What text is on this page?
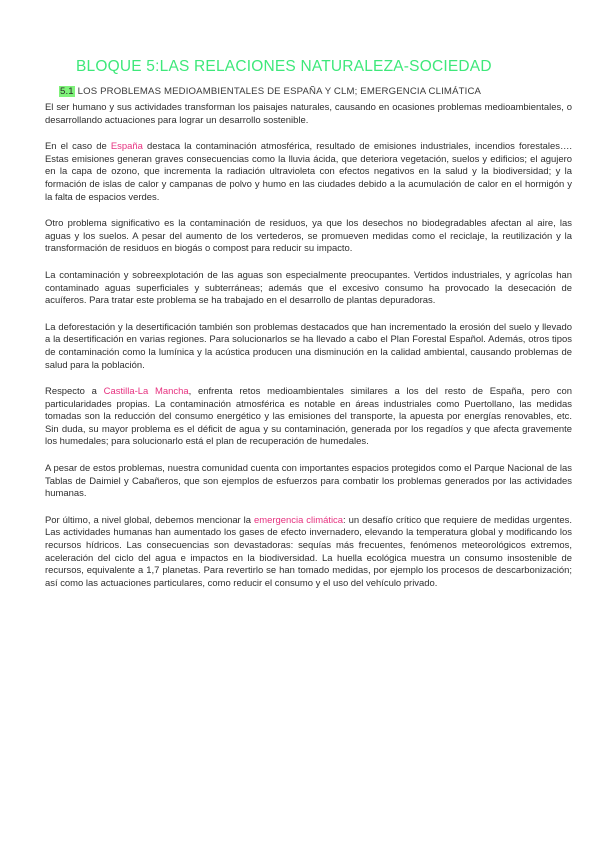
BLOQUE 5:LAS RELACIONES NATURALEZA-SOCIEDAD
5.1 LOS PROBLEMAS MEDIOAMBIENTALES DE ESPAÑA Y CLM; EMERGENCIA CLIMÁTICA

El ser humano y sus actividades transforman los paisajes naturales, causando en ocasiones problemas medioambientales, o desarrollando actuaciones para lograr un desarrollo sostenible.

En el caso de España destaca la contaminación atmosférica, resultado de emisiones industriales, incendios forestales…. Estas emisiones generan graves consecuencias como la lluvia ácida, que deteriora vegetación, suelos y edificios; el agujero en la capa de ozono, que incrementa la radiación ultravioleta con efectos negativos en la salud y la biodiversidad; y la formación de islas de calor y campanas de polvo y humo en las ciudades debido a la acumulación de calor en el hormigón y la falta de espacios verdes.

Otro problema significativo es la contaminación de residuos, ya que los desechos no biodegradables afectan al aire, las aguas y los suelos. A pesar del aumento de los vertederos, se promueven medidas como el reciclaje, la reutilización y la transformación de residuos en biogás o compost para reducir su impacto.

La contaminación y sobreexplotación de las aguas son especialmente preocupantes. Vertidos industriales, y agrícolas han contaminado aguas superficiales y subterráneas; además que el excesivo consumo ha provocado la desecación de acuíferos. Para tratar este problema se ha trabajado en el desarrollo de plantas depuradoras.

La deforestación y la desertificación también son problemas destacados que han incrementado la erosión del suelo y llevado a la desertificación en varias regiones. Para solucionarlos se ha llevado a cabo el Plan Forestal Español. Además, otros tipos de contaminación como la lumínica y la acústica producen una disminución en la calidad ambiental, causando problemas de salud para la población.

Respecto a Castilla-La Mancha, enfrenta retos medioambientales similares a los del resto de España, pero con particularidades propias. La contaminación atmosférica es notable en áreas industriales como Puertollano, las medidas tomadas son la reducción del consumo energético y las emisiones del transporte, la apuesta por energías renovables, etc. Sin duda, su mayor problema es el déficit de agua y su contaminación, generada por los regadíos y que afecta gravemente los humedales; para solucionarlo está el plan de recuperación de humedales.

A pesar de estos problemas, nuestra comunidad cuenta con importantes espacios protegidos como el Parque Nacional de las Tablas de Daimiel y Cabañeros, que son ejemplos de esfuerzos para combatir los problemas generados por las actividades humanas.

Por último, a nivel global, debemos mencionar la emergencia climática: un desafío crítico que requiere de medidas urgentes. Las actividades humanas han aumentado los gases de efecto invernadero, elevando la temperatura global y modificando los recursos hídricos. Las consecuencias son devastadoras: sequías más frecuentes, fenómenos meteorológicos extremos, aceleración del ciclo del agua e impactos en la biodiversidad. La huella ecológica muestra un consumo insostenible de recursos, equivalente a 1,7 planetas. Para revertirlo se han tomado medidas, por ejemplo los procesos de descarbonización; así como las actuaciones particulares, como reducir el consumo y el uso del vehículo privado.
